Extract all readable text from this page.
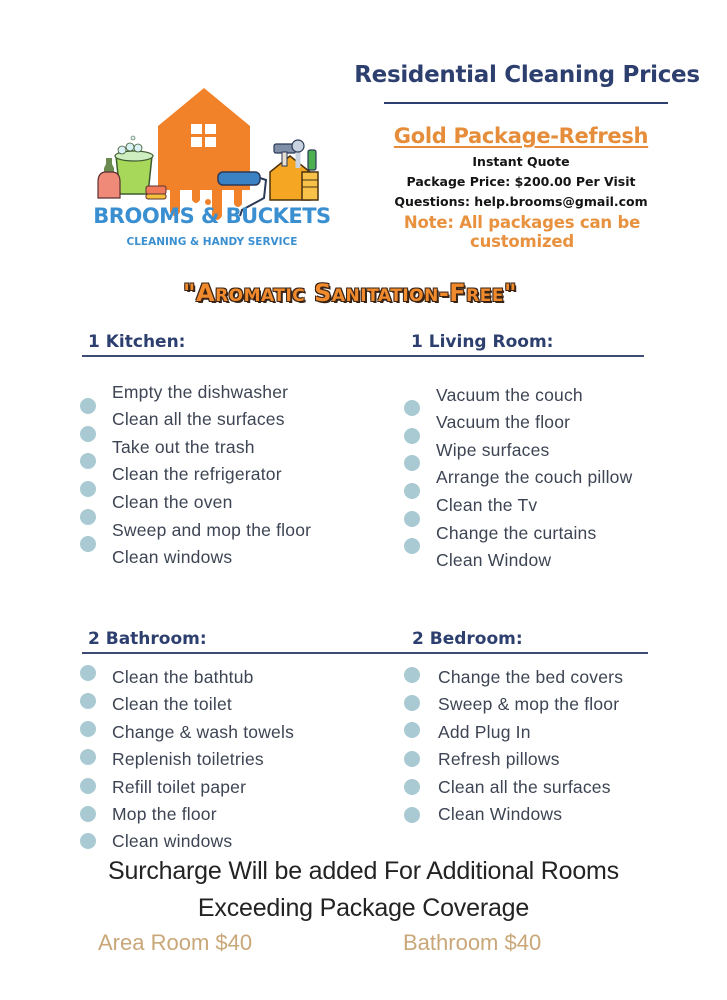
BROOMS & BUCKETS
CLEANING & HANDY SERVICE
Residential Cleaning Prices
Gold Package-Refresh
Instant Quote
Package Price: $200.00 Per Visit
Questions: help.brooms@gmail.com
Note: All packages can be customized
"Aromatic Sanitation-Free"
1 Kitchen:
Empty the dishwasher
Clean all the surfaces
Take out the trash
Clean the refrigerator
Clean the oven
Sweep and mop the floor
Clean windows
1 Living Room:
Vacuum the couch
Vacuum the floor
Wipe surfaces
Arrange the couch pillow
Clean the Tv
Change the curtains
Clean Window
2 Bathroom:
Clean the bathtub
Clean the toilet
Change & wash towels
Replenish toiletries
Refill toilet paper
Mop the floor
Clean windows
2 Bedroom:
Change the bed covers
Sweep & mop the floor
Add Plug In
Refresh pillows
Clean all the surfaces
Clean Windows
Surcharge Will be added For Additional Rooms
Exceeding Package Coverage
Area Room $40	Bathroom $40
